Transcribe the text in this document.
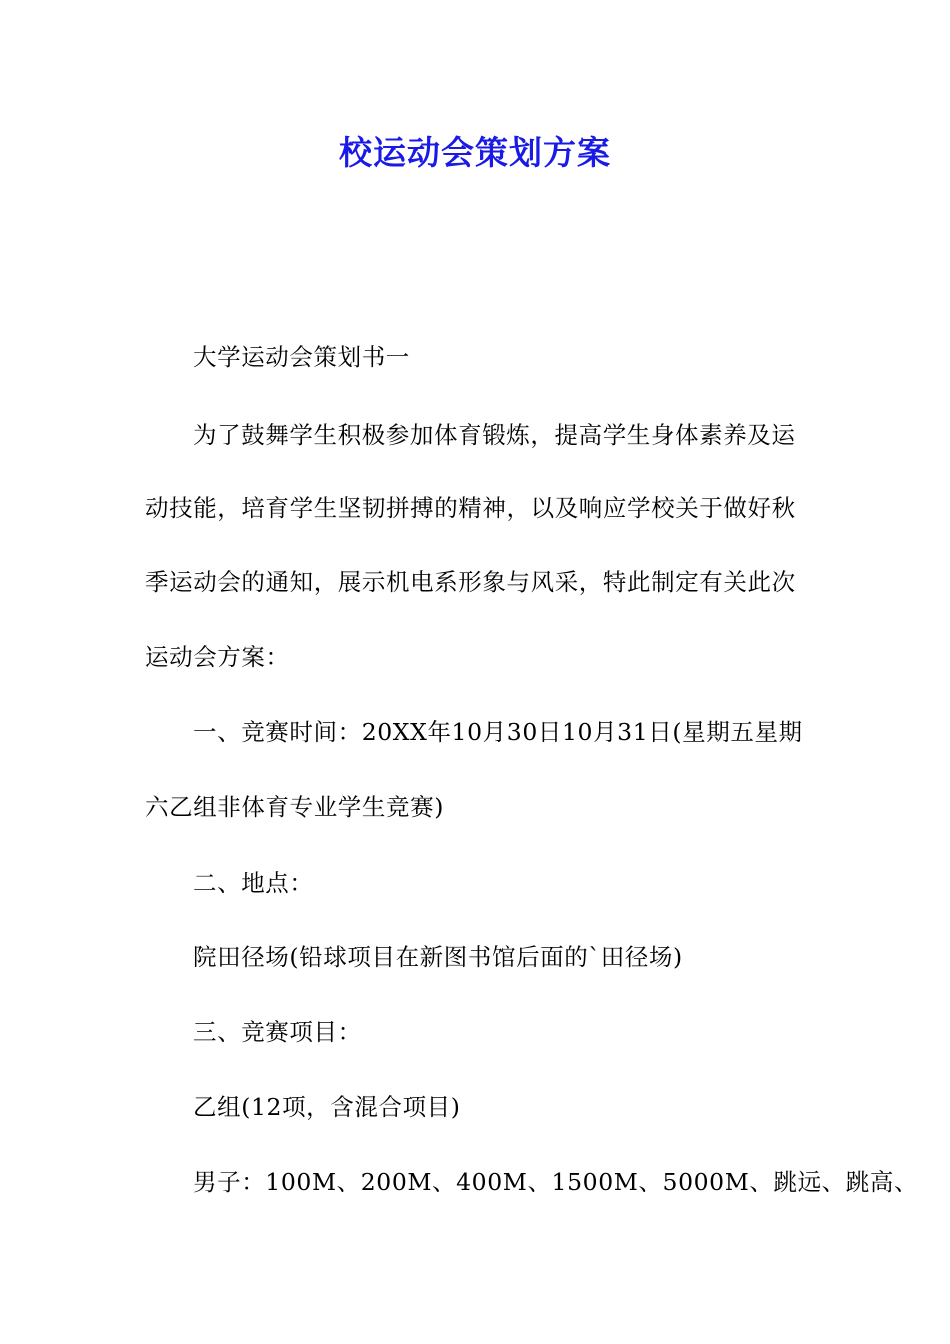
校运动会策划方案

大学运动会策划书一

为了鼓舞学生积极参加体育锻炼，提高学生身体素养及运

动技能，培育学生坚韧拼搏的精神，以及响应学校关于做好秋

季运动会的通知，展示机电系形象与风采，特此制定有关此次

运动会方案：

一、竞赛时间：20XX年10月30日10月31日(星期五星期

六乙组非体育专业学生竞赛)

二、地点：

院田径场(铅球项目在新图书馆后面的`田径场)

三、竞赛项目：

乙组(12项，含混合项目)

男子：100M、200M、400M、1500M、5000M、跳远、跳高、
